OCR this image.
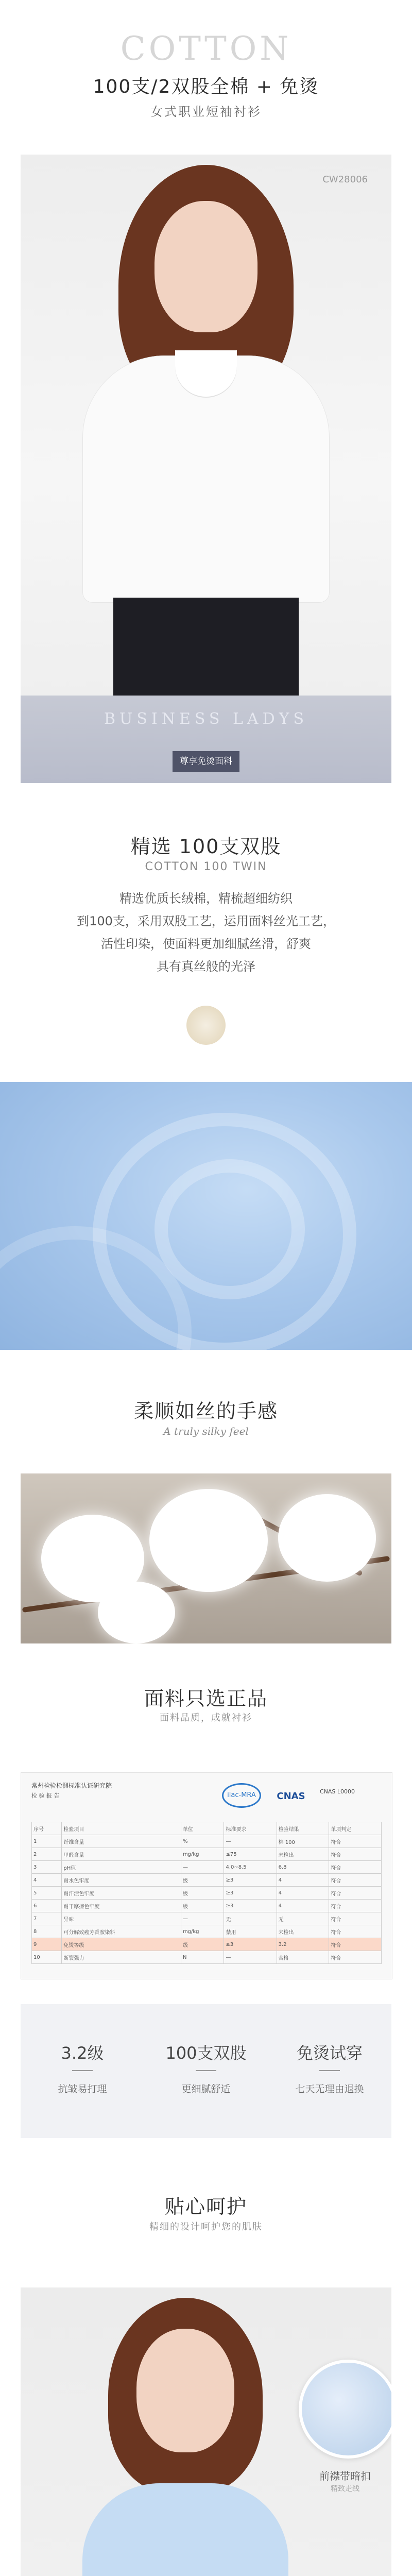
COTTON
100支/2双股全棉 + 免烫
女式职业短袖衬衫
CW28006
BUSINESS LADYS
尊享免烫面料
精选 100支双股
COTTON 100 TWIN
精选优质长绒棉，精梳超细纺织
到100支，采用双股工艺，运用面料丝光工艺，
活性印染，使面料更加细腻丝滑，舒爽
具有真丝般的光泽
柔顺如丝的手感
A truly silky feel
面料只选正品
面料品质，成就衬衫
常州检验检测标准认证研究院
检 验 报 告	ilac-MRA	CNAS	CNAS L0000
序号	检验项目	单位	标准要求	检验结果	单项判定
1	纤维含量	%	—	棉 100	符合
2	甲醛含量	mg/kg	≤75	未检出	符合
3	pH值	—	4.0~8.5	6.8	符合
4	耐水色牢度	级	≥3	4	符合
5	耐汗渍色牢度	级	≥3	4	符合
6	耐干摩擦色牢度	级	≥3	4	符合
7	异味	—	无	无	符合
8	可分解致癌芳香胺染料	mg/kg	禁用	未检出	符合
9	免烫等级	级	≥3	3.2	符合
10	断裂强力	N	—	合格	符合
3.2级
抗皱易打理
100支双股
更细腻舒适
免烫试穿
七天无理由退换
贴心呵护
精细的设计呵护您的肌肤
前襟带暗扣
精致走线
